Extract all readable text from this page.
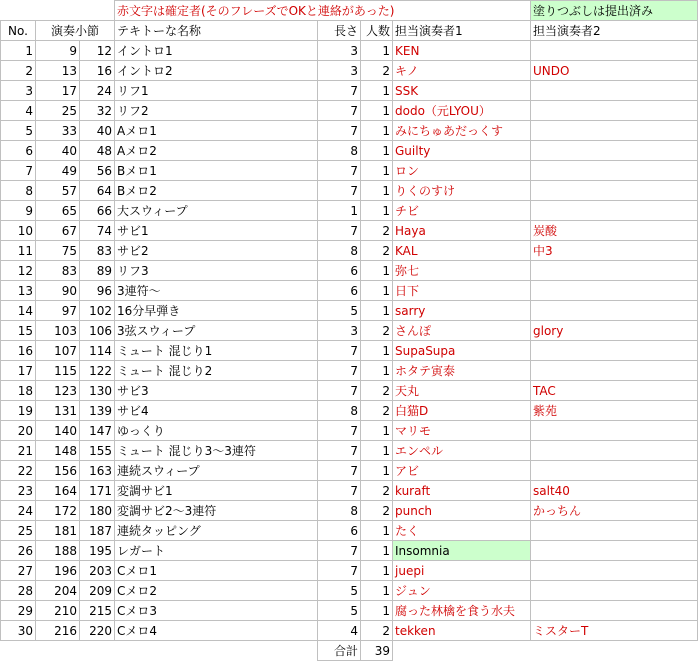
			赤文字は確定者(そのフレーズでOKと連絡があった)				塗りつぶしは提出済み
No.	演奏小節		テキトーな名称	長さ	人数	担当演奏者1	担当演奏者2
1	9	12	イントロ1	3	1	KEN	
2	13	16	イントロ2	3	2	キノ	UNDO
3	17	24	リフ1	7	1	SSK	
4	25	32	リフ2	7	1	dodo（元LYOU）	
5	33	40	Aメロ1	7	1	みにちゅあだっくす	
6	40	48	Aメロ2	8	1	Guilty	
7	49	56	Bメロ1	7	1	ロン	
8	57	64	Bメロ2	7	1	りくのすけ	
9	65	66	大スウィープ	1	1	チビ	
10	67	74	サビ1	7	2	Haya	炭酸
11	75	83	サビ2	8	2	KAL	中3
12	83	89	リフ3	6	1	弥七	
13	90	96	3連符〜	6	1	日下	
14	97	102	16分早弾き	5	1	sarry	
15	103	106	3弦スウィープ	3	2	さんぽ	glory
16	107	114	ミュート 混じり1	7	1	SupaSupa	
17	115	122	ミュート 混じり2	7	1	ホタテ寅泰	
18	123	130	サビ3	7	2	天丸	TAC
19	131	139	サビ4	8	2	白猫D	紫苑
20	140	147	ゆっくり	7	1	マリモ	
21	148	155	ミュート 混じり3〜3連符	7	1	エンペル	
22	156	163	連続スウィープ	7	1	アビ	
23	164	171	変調サビ1	7	2	kuraft	salt40
24	172	180	変調サビ2〜3連符	8	2	punch	かっちん
25	181	187	連続タッピング	6	1	たく	
26	188	195	レガート	7	1	Insomnia	
27	196	203	Cメロ1	7	1	juepi	
28	204	209	Cメロ2	5	1	ジュン	
29	210	215	Cメロ3	5	1	腐った林檎を食う水夫	
30	216	220	Cメロ4	4	2	tekken	ミスターT
				合計	39		
